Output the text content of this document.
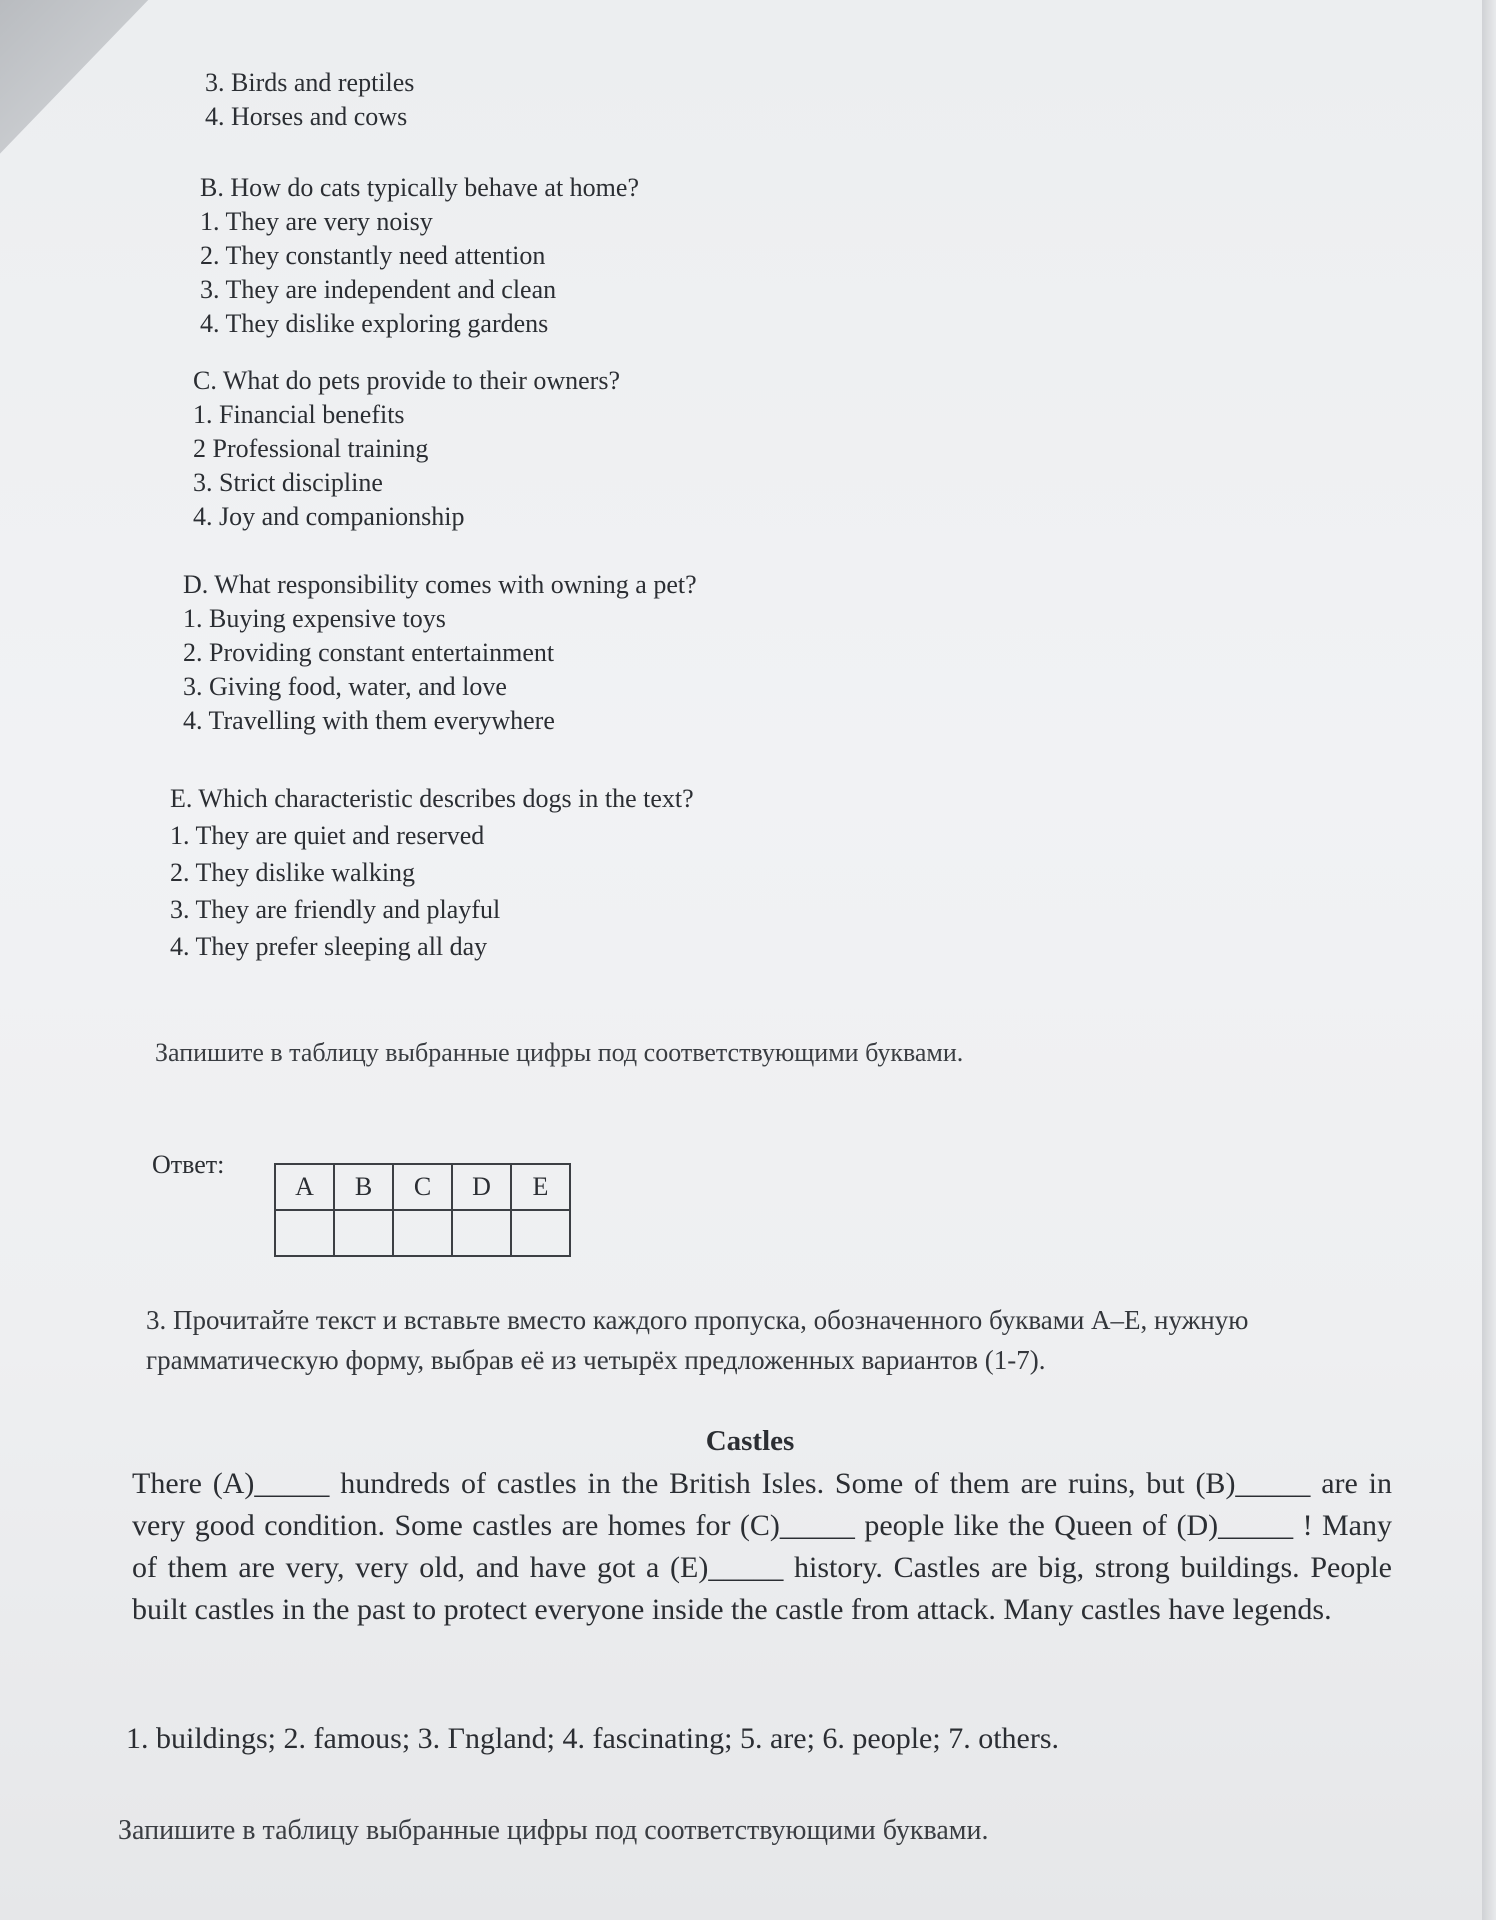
3. Birds and reptiles
4. Horses and cows
B. How do cats typically behave at home?
1. They are very noisy
2. They constantly need attention
3. They are independent and clean
4. They dislike exploring gardens
C. What do pets provide to their owners?
1. Financial benefits
2 Professional training
3. Strict discipline
4. Joy and companionship
D. What responsibility comes with owning a pet?
1. Buying expensive toys
2. Providing constant entertainment
3. Giving food, water, and love
4. Travelling with them everywhere
E. Which characteristic describes dogs in the text?
1. They are quiet and reserved
2. They dislike walking
3. They are friendly and playful
4. They prefer sleeping all day

Запишите в таблицу выбранные цифры под соответствующими буквами.

Ответ:
A	B	C	D	E

3. Прочитайте текст и вставьте вместо каждого пропуска, обозначенного буквами А–Е, нужную грамматическую форму, выбрав её из четырёх предложенных вариантов (1-7).

Castles

There (A)_____ hundreds of castles in the British Isles. Some of them are ruins, but (B)_____ are in very good condition. Some castles are homes for (C)_____ people like the Queen of (D)_____ ! Many of them are very, very old, and have got a (E)_____ history. Castles are big, strong buildings. People built castles in the past to protect everyone inside the castle from attack. Many castles have legends.

1. buildings; 2. famous; 3. Гngland; 4. fascinating; 5. are; 6. people; 7. others.

Запишите в таблицу выбранные цифры под соответствующими буквами.
